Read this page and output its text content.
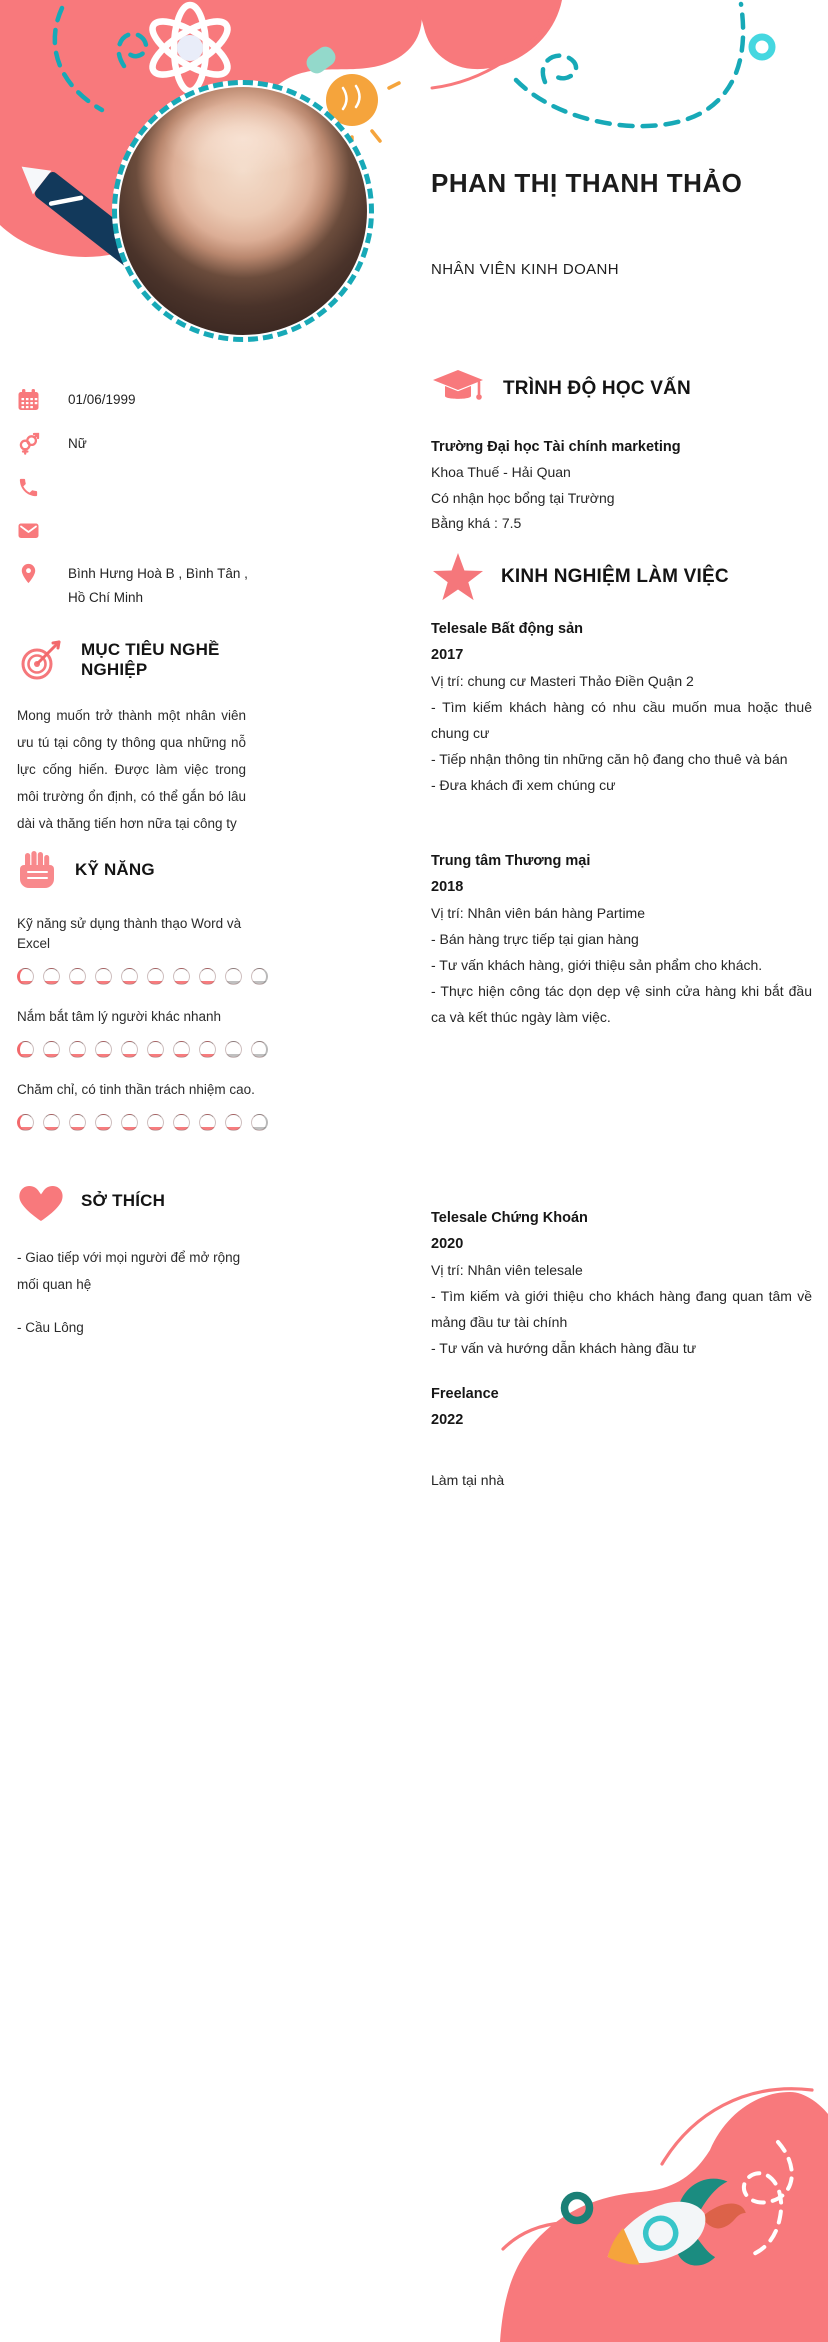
PHAN THỊ THANH THẢO
NHÂN VIÊN KINH DOANH
01/06/1999
Nữ
Bình Hưng Hoà B , Bình Tân , Hồ Chí Minh
MỤC TIÊU NGHỀ NGHIỆP
Mong muốn trở thành một nhân viên ưu tú tại công ty thông qua những nỗ lực cống hiến. Được làm việc trong môi trường ổn định, có thể gắn bó lâu dài và thăng tiến hơn nữa tại công ty
KỸ NĂNG

Kỹ năng sử dụng thành thạo Word và Excel

Nắm bắt tâm lý người khác nhanh

Chăm chỉ, có tinh thần trách nhiệm cao.

SỞ THÍCH

- Giao tiếp với mọi người để mở rộng mối quan hệ

- Cầu Lông

TRÌNH ĐỘ HỌC VẤN

Trường Đại học Tài chính marketing

Khoa Thuế - Hải Quan

Có nhận học bổng tại Trường

Bằng khá : 7.5

KINH NGHIỆM LÀM VIỆC

Telesale Bất động sản

2017

Vị trí: chung cư Masteri Thảo Điền Quận 2

- Tìm kiếm khách hàng có nhu cầu muốn mua hoặc thuê chung cư

- Tiếp nhận thông tin những căn hộ đang cho thuê và bán

- Đưa khách đi xem chúng cư

Trung tâm Thương mại

2018

Vị trí: Nhân viên bán hàng Partime

- Bán hàng trực tiếp tại gian hàng

- Tư vấn khách hàng, giới thiệu sản phẩm cho khách.

- Thực hiện công tác dọn dẹp vệ sinh cửa hàng khi bắt đầu ca và kết thúc ngày làm việc.

Telesale Chứng Khoán

2020

Vị trí: Nhân viên telesale

- Tìm kiếm và giới thiệu cho khách hàng đang quan tâm về mảng đầu tư tài chính

- Tư vấn và hướng dẫn khách hàng đầu tư

Freelance

2022

Làm tại nhà
